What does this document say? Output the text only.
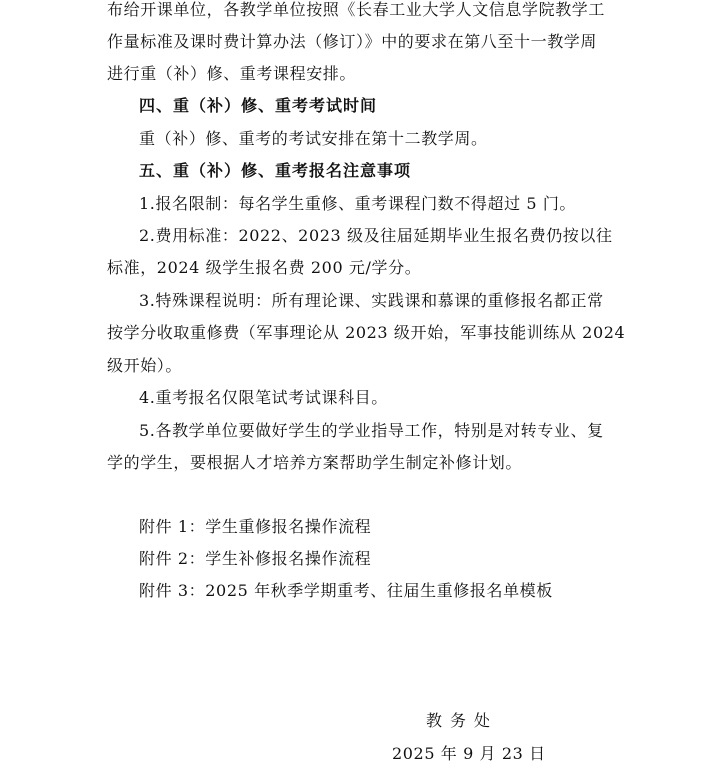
布给开课单位，各教学单位按照《长春工业大学人文信息学院教学工
作量标准及课时费计算办法（修订）》中的要求在第八至十一教学周
进行重（补）修、重考课程安排。
四、重（补）修、重考考试时间
重（补）修、重考的考试安排在第十二教学周。
五、重（补）修、重考报名注意事项
1.报名限制：每名学生重修、重考课程门数不得超过 5 门。
2.费用标准：2022、2023 级及往届延期毕业生报名费仍按以往
标准，2024 级学生报名费 200 元/学分。
3.特殊课程说明：所有理论课、实践课和慕课的重修报名都正常
按学分收取重修费（军事理论从 2023 级开始，军事技能训练从 2024
级开始）。
4.重考报名仅限笔试考试课科目。
5.各教学单位要做好学生的学业指导工作，特别是对转专业、复
学的学生，要根据人才培养方案帮助学生制定补修计划。
附件 1：学生重修报名操作流程
附件 2：学生补修报名操作流程
附件 3：2025 年秋季学期重考、往届生重修报名单模板
教务处
2025 年 9 月 23 日
